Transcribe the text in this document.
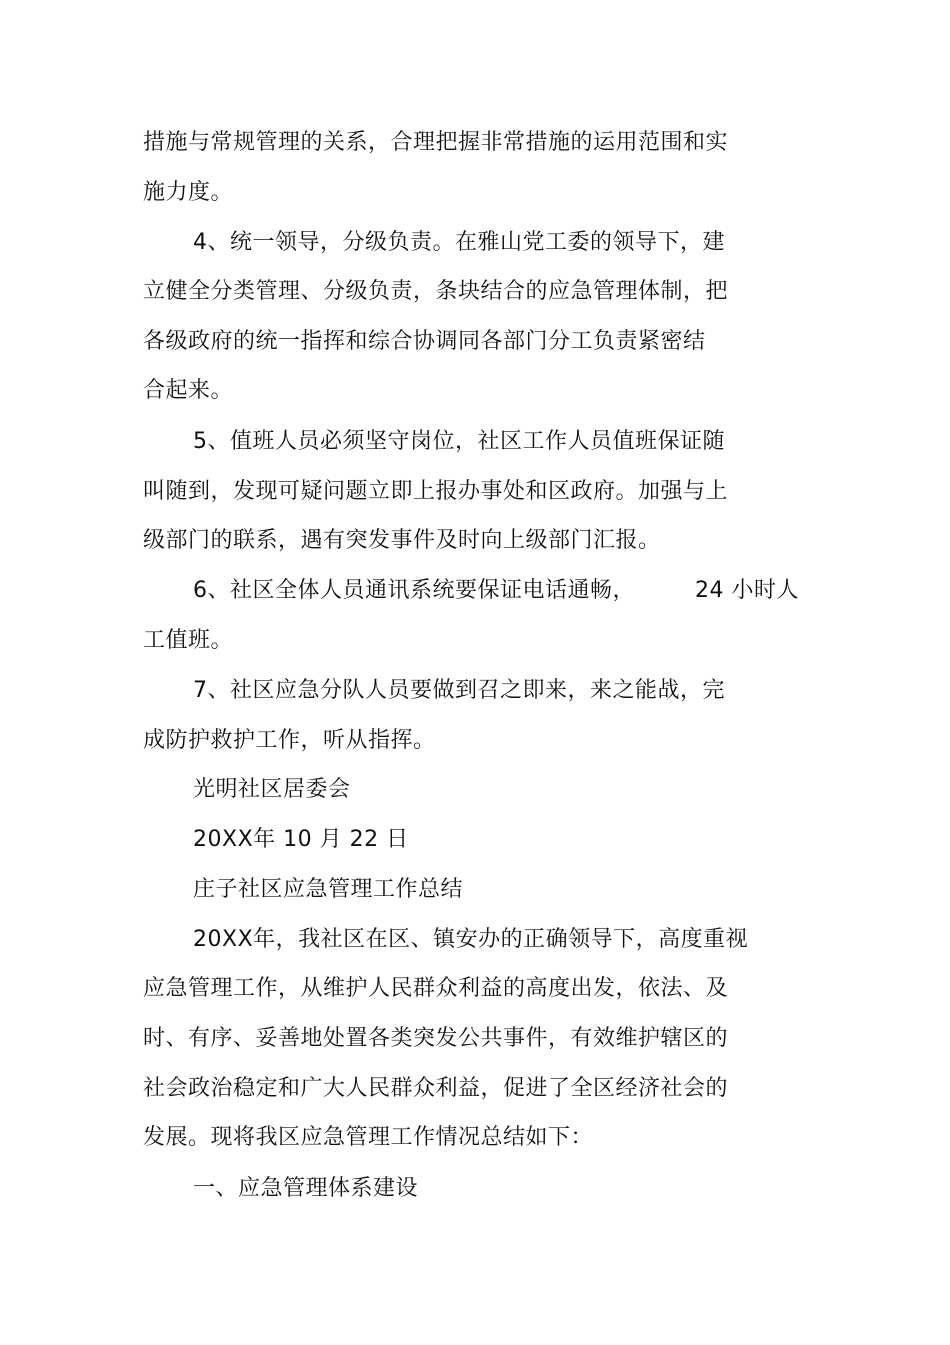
措施与常规管理的关系，合理把握非常措施的运用范围和实
施力度。
4、统一领导，分级负责。在雅山党工委的领导下，建
立健全分类管理、分级负责，条块结合的应急管理体制，把
各级政府的统一指挥和综合协调同各部门分工负责紧密结
合起来。
5、值班人员必须坚守岗位，社区工作人员值班保证随
叫随到，发现可疑问题立即上报办事处和区政府。加强与上
级部门的联系，遇有突发事件及时向上级部门汇报。
6、社区全体人员通讯系统要保证电话通畅，	24 小时人
工值班。
7、社区应急分队人员要做到召之即来，来之能战，完
成防护救护工作，听从指挥。
光明社区居委会
20XX年 10 月 22 日
庄子社区应急管理工作总结
20XX年，我社区在区、镇安办的正确领导下，高度重视
应急管理工作，从维护人民群众利益的高度出发，依法、及
时、有序、妥善地处置各类突发公共事件，有效维护辖区的
社会政治稳定和广大人民群众利益，促进了全区经济社会的
发展。现将我区应急管理工作情况总结如下：
一、应急管理体系建设
